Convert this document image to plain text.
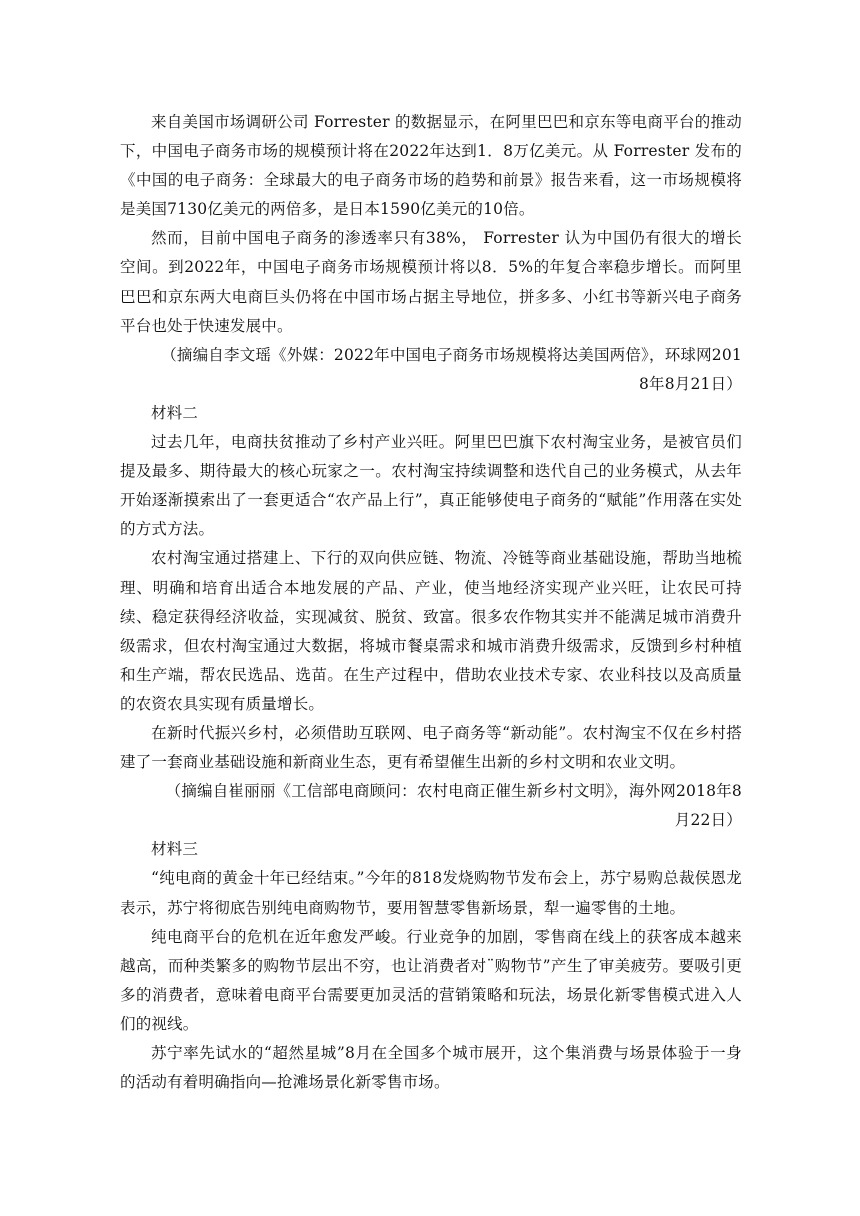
来自美国市场调研公司 Forrester 的数据显示，在阿里巴巴和京东等电商平台的推动下，中国电子商务市场的规模预计将在2022年达到1．8万亿美元。从 Forrester 发布的《中国的电子商务：全球最大的电子商务市场的趋势和前景》报告来看，这一市场规模将是美国7130亿美元的两倍多，是日本1590亿美元的10倍。

然而，目前中国电子商务的渗透率只有38%， Forrester 认为中国仍有很大的增长空间。到2022年，中国电子商务市场规模预计将以8．5%的年复合率稳步增长。而阿里巴巴和京东两大电商巨头仍将在中国市场占据主导地位，拼多多、小红书等新兴电子商务平台也处于快速发展中。

（摘编自李文瑶《外媒：2022年中国电子商务市场规模将达美国两倍》，环球网2018年8月21日）

材料二

过去几年，电商扶贫推动了乡村产业兴旺。阿里巴巴旗下农村淘宝业务，是被官员们提及最多、期待最大的核心玩家之一。农村淘宝持续调整和迭代自己的业务模式，从去年开始逐渐摸索出了一套更适合“农产品上行”，真正能够使电子商务的“赋能”作用落在实处的方式方法。

农村淘宝通过搭建上、下行的双向供应链、物流、冷链等商业基础设施，帮助当地梳理、明确和培育出适合本地发展的产品、产业，使当地经济实现产业兴旺，让农民可持续、稳定获得经济收益，实现减贫、脱贫、致富。很多农作物其实并不能满足城市消费升级需求，但农村淘宝通过大数据，将城市餐桌需求和城市消费升级需求，反馈到乡村种植和生产端，帮农民选品、选苗。在生产过程中，借助农业技术专家、农业科技以及高质量的农资农具实现有质量增长。

在新时代振兴乡村，必须借助互联网、电子商务等“新动能”。农村淘宝不仅在乡村搭建了一套商业基础设施和新商业生态，更有希望催生出新的乡村文明和农业文明。

（摘编自崔丽丽《工信部电商顾问：农村电商正催生新乡村文明》，海外网2018年8月22日）

材料三

“纯电商的黄金十年已经结束。”今年的818发烧购物节发布会上，苏宁易购总裁侯恩龙表示，苏宁将彻底告别纯电商购物节，要用智慧零售新场景，犁一遍零售的土地。

纯电商平台的危机在近年愈发严峻。行业竞争的加剧，零售商在线上的获客成本越来越高，而种类繁多的购物节层出不穷，也让消费者对¨购物节”产生了审美疲劳。要吸引更多的消费者，意味着电商平台需要更加灵活的营销策略和玩法，场景化新零售模式进入人们的视线。

苏宁率先试水的“超然星城”8月在全国多个城市展开，这个集消费与场景体验于一身的活动有着明确指向—抢滩场景化新零售市场。
